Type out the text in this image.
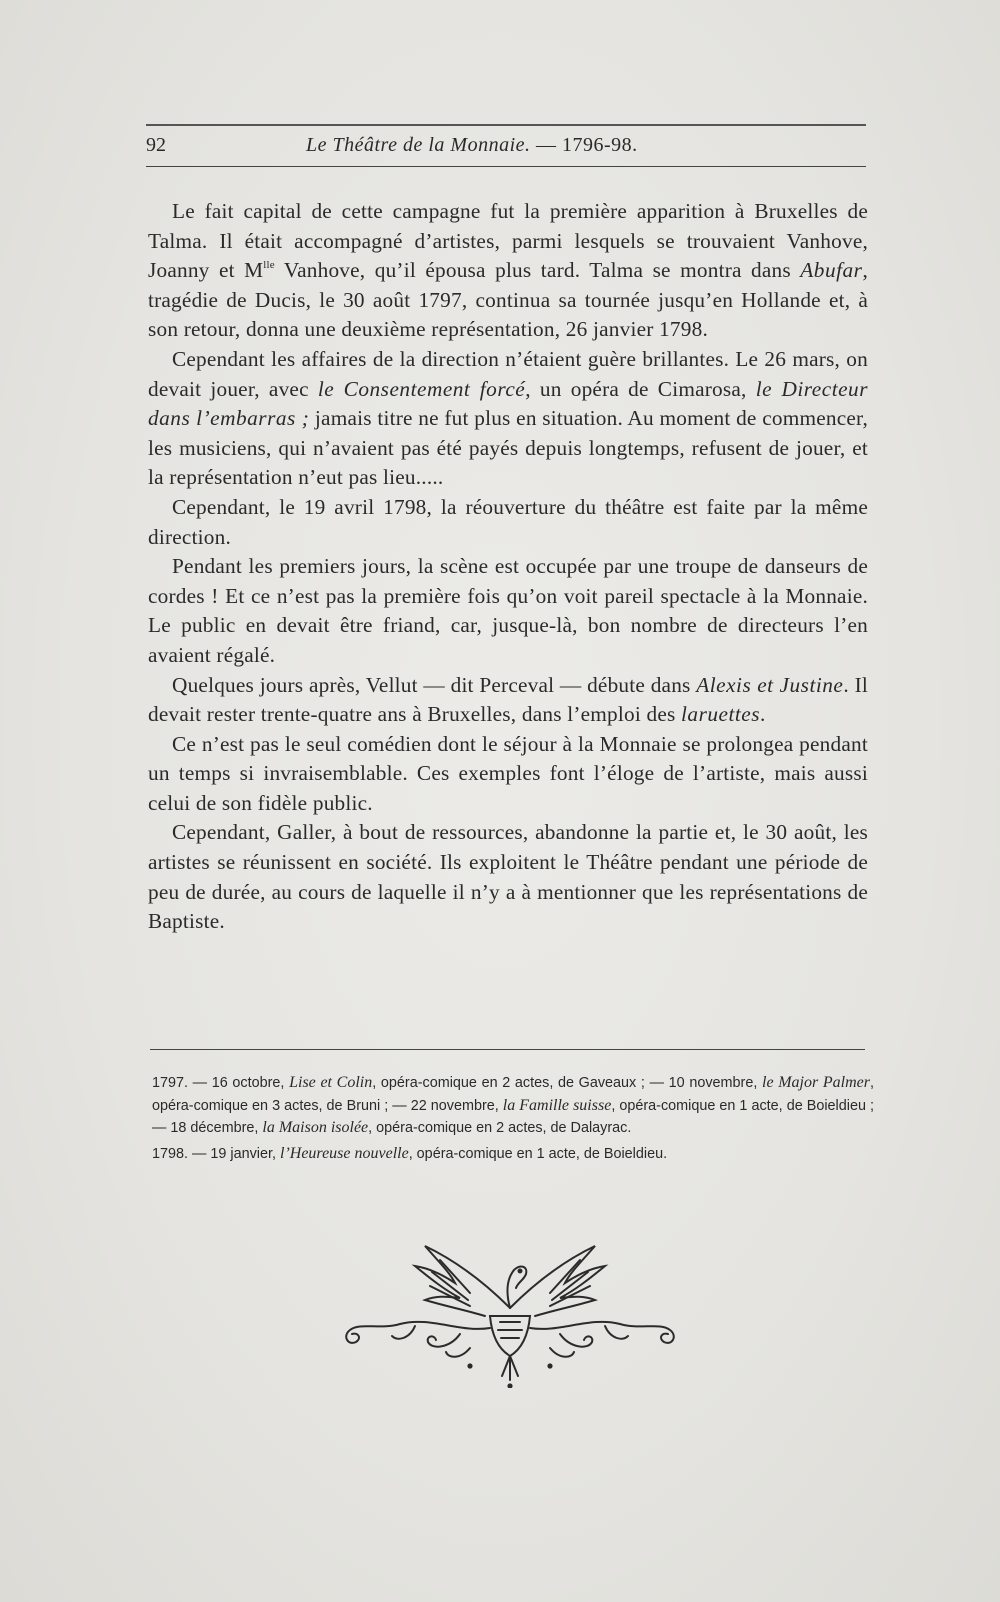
92	Le Théâtre de la Monnaie. — 1796-98.

Le fait capital de cette campagne fut la première apparition à Bruxelles de Talma. Il était accompagné d’artistes, parmi lesquels se trouvaient Vanhove, Joanny et $M^{lle}$ Vanhove, qu’il épousa plus tard. Talma se montra dans Abufar, tragédie de Ducis, le 30 août 1797, continua sa tournée jusqu’en Hollande et, à son retour, donna une deuxième représentation, 26 janvier 1798.

Cependant les affaires de la direction n’étaient guère brillantes. Le 26 mars, on devait jouer, avec le Consentement forcé, un opéra de Cimarosa, le Directeur dans l’embarras ; jamais titre ne fut plus en situation. Au moment de commencer, les musiciens, qui n’avaient pas été payés depuis longtemps, refusent de jouer, et la représentation n’eut pas lieu.....

Cependant, le 19 avril 1798, la réouverture du théâtre est faite par la même direction.

Pendant les premiers jours, la scène est occupée par une troupe de danseurs de cordes ! Et ce n’est pas la première fois qu’on voit pareil spectacle à la Monnaie. Le public en devait être friand, car, jusque-là, bon nombre de directeurs l’en avaient régalé.

Quelques jours après, Vellut — dit Perceval — débute dans Alexis et Justine. Il devait rester trente-quatre ans à Bruxelles, dans l’emploi des laruettes.

Ce n’est pas le seul comédien dont le séjour à la Monnaie se prolongea pendant un temps si invraisemblable. Ces exemples font l’éloge de l’artiste, mais aussi celui de son fidèle public.

Cependant, Galler, à bout de ressources, abandonne la partie et, le 30 août, les artistes se réunissent en société. Ils exploitent le Théâtre pendant une période de peu de durée, au cours de laquelle il n’y a à mentionner que les représentations de Baptiste.

1797. — 16 octobre, Lise et Colin, opéra-comique en 2 actes, de Gaveaux ; — 10 novembre, le Major Palmer, opéra-comique en 3 actes, de Bruni ; — 22 novembre, la Famille suisse, opéra-comique en 1 acte, de Boieldieu ; — 18 décembre, la Maison isolée, opéra-comique en 2 actes, de Dalayrac.

1798. — 19 janvier, l’Heureuse nouvelle, opéra-comique en 1 acte, de Boieldieu.
